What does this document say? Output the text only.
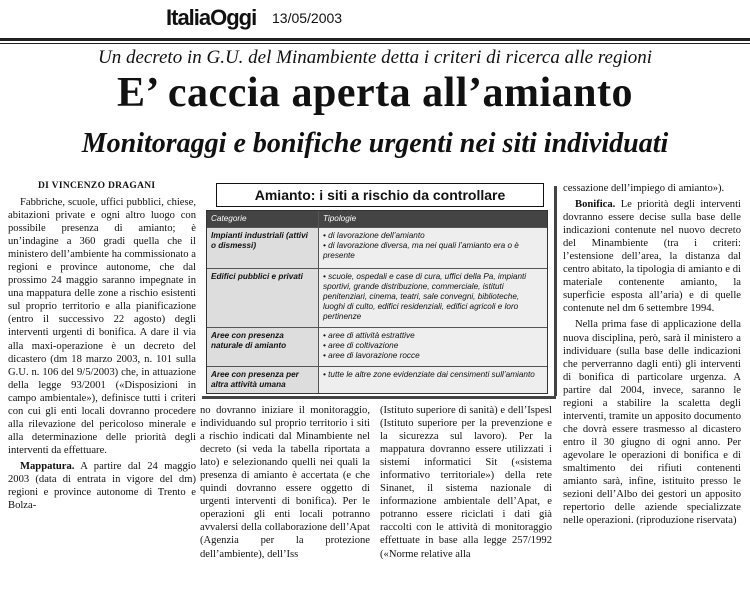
ItaliaOggi 13/05/2003
Un decreto in G.U. del Minambiente detta i criteri di ricerca alle regioni
E’ caccia aperta all’amianto
Monitoraggi e bonifiche urgenti nei siti individuati
DI VINCENZO DRAGANI

Fabbriche, scuole, uffici pubblici, chiese, abitazioni private e ogni altro luogo con possibile presenza di amianto; è un’indagine a 360 gradi quella che il ministero dell’ambiente ha commissionato a regioni e province autonome, che dal prossimo 24 maggio saranno impegnate in una mappatura delle zone a rischio esistenti sul proprio territorio e alla pianificazione (entro il successivo 22 agosto) degli interventi urgenti di bonifica. A dare il via alla maxi-operazione è un decreto del dicastero (dm 18 marzo 2003, n. 101 sulla G.U. n. 106 del 9/5/2003) che, in attuazione della legge 93/2001 («Disposizioni in campo ambientale»), definisce tutti i criteri con cui gli enti locali dovranno procedere alla rilevazione del pericoloso minerale e alla determinazione delle priorità degli interventi da effettuare.

Mappatura. A partire dal 24 maggio 2003 (data di entrata in vigore del dm) regioni e province autonome di Trento e Bolza-

Amianto: i siti a rischio da controllare
Categorie	Tipologie
Impianti industriali (attivi o dismessi)
• di lavorazione dell’amianto
• di lavorazione diversa, ma nei quali l’amianto era o è presente
Edifici pubblici e privati
•	scuole, ospedali e case di cura, uffici della Pa, impianti sportivi, grande distribuzione, commerciale, istituti penitenziari, cinema, teatri, sale convegni, biblioteche, luoghi di culto, edifici residenziali, edifici agricoli e loro pertinenze
Aree con presenza naturale di amianto
• aree di attività estrattive
• aree di coltivazione
• aree di lavorazione rocce
Aree con presenza per altra attività umana
• tutte le altre zone evidenziate dai censimenti sull’amianto
no dovranno iniziare il monitoraggio, individuando sul proprio territorio i siti a rischio indicati dal Minambiente nel decreto (si veda la tabella riportata a lato) e selezionando quelli nei quali la presenza di amianto è accertata (e che quindi dovranno essere oggetto di urgenti interventi di bonifica). Per le operazioni gli enti locali potranno avvalersi della collaborazione dell’Apat (Agenzia per la protezione dell’ambiente), dell’Iss
(Istituto superiore di sanità) e dell’Ispesl (Istituto superiore per la prevenzione e la sicurezza sul lavoro). Per la mappatura dovranno essere utilizzati i sistemi informatici Sit («sistema informativo territoriale») della rete Sinanet, il sistema nazionale di informazione ambientale dell’Apat, e potranno essere riciclati i dati già raccolti con le attività di monitoraggio effettuate in base alla legge 257/1992 («Norme relative alla

cessazione dell’impiego di amianto»).

Bonifica. Le priorità degli interventi dovranno essere decise sulla base delle indicazioni contenute nel nuovo decreto del Minambiente (tra i criteri: l’estensione dell’area, la distanza dal centro abitato, la tipologia di amianto e di materiale contenente amianto, la superficie esposta all’aria) e di quelle contenute nel dm 6 settembre 1994.

Nella prima fase di applicazione della nuova disciplina, però, sarà il ministero a individuare (sulla base delle indicazioni che perverranno dagli enti) gli interventi di bonifica di particolare urgenza. A partire dal 2004, invece, saranno le regioni a stabilire la scaletta degli interventi, tramite un apposito documento che dovrà essere trasmesso al dicastero entro il 30 giugno di ogni anno. Per agevolare le operazioni di bonifica e di smaltimento dei rifiuti contenenti amianto sarà, infine, istituito presso le sezioni dell’Albo dei gestori un apposito repertorio delle aziende specializzate nelle operazioni. (riproduzione riservata)
